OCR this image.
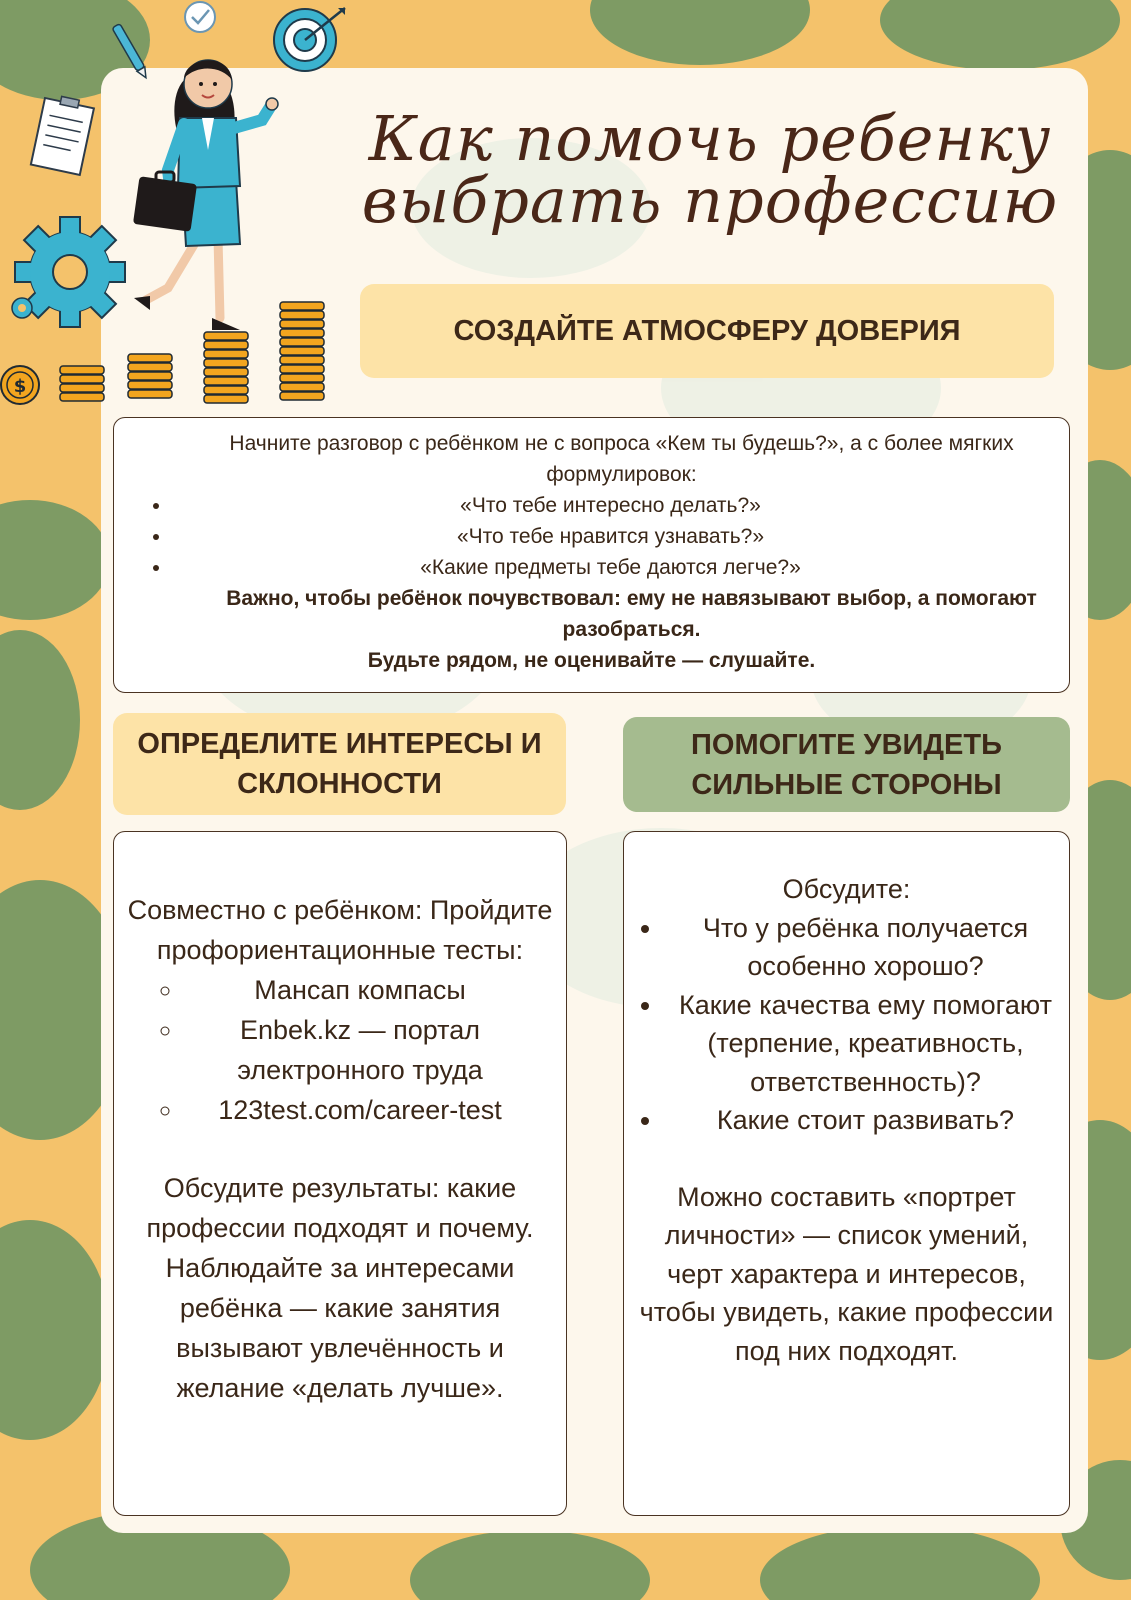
$
Как помочь ребенку
выбрать профессию
СОЗДАЙТЕ АТМОСФЕРУ ДОВЕРИЯ

Начните разговор с ребёнком не с вопроса «Кем ты будешь?», а с более мягких формулировок:

• «Что тебе интересно делать?»
• «Что тебе нравится узнавать?»
• «Какие предметы тебе даются легче?»

Важно, чтобы ребёнок почувствовал: ему не навязывают выбор, а помогают разобраться.

Будьте рядом, не оценивайте — слушайте.

ОПРЕДЕЛИТЕ ИНТЕРЕСЫ И СКЛОННОСТИ
ПОМОГИТЕ УВИДЕТЬ СИЛЬНЫЕ СТОРОНЫ

Совместно с ребёнком: Пройдите профориентационные тесты:

◦ Мансап компасы
◦ Enbek.kz — портал электронного труда
◦ 123test.com/career-test

Обсудите результаты: какие профессии подходят и почему.

Наблюдайте за интересами ребёнка — какие занятия вызывают увлечённость и желание «делать лучше».

Обсудите:

• Что у ребёнка получается особенно хорошо?
• Какие качества ему помогают (терпение, креативность, ответственность)?
• Какие стоит развивать?

Можно составить «портрет личности» — список умений, черт характера и интересов, чтобы увидеть, какие профессии под них подходят.
